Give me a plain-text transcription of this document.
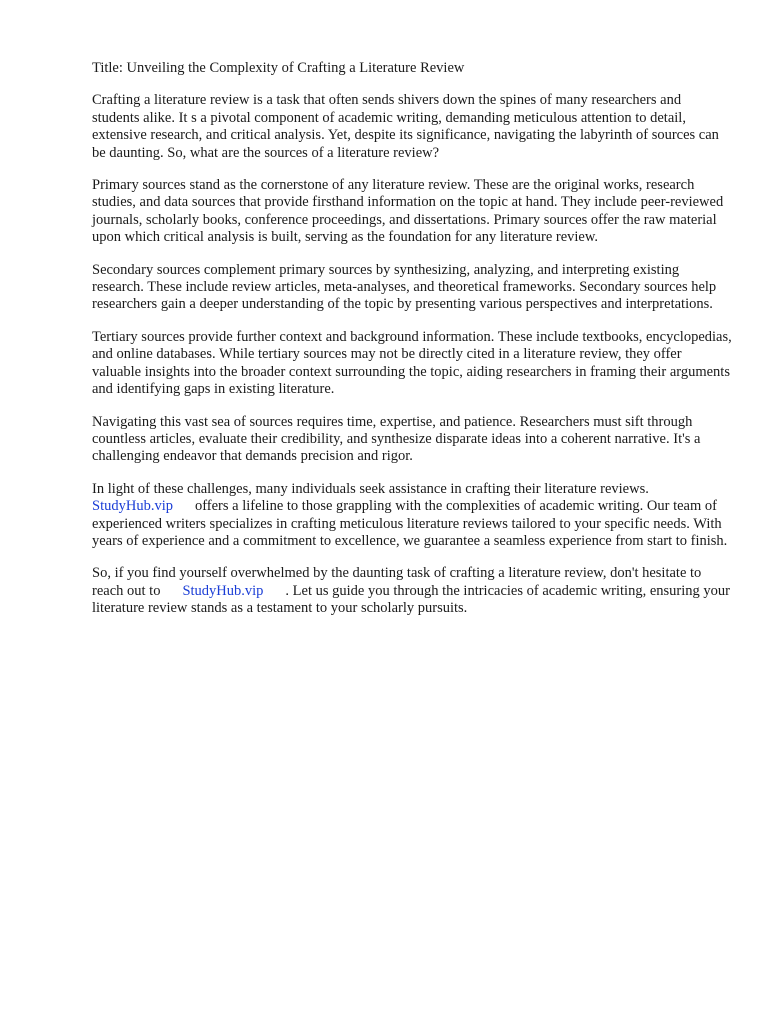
Title: Unveiling the Complexity of Crafting a Literature Review

Crafting a literature review is a task that often sends shivers down the spines of many researchers and students alike. It s a pivotal component of academic writing, demanding meticulous attention to detail, extensive research, and critical analysis. Yet, despite its significance, navigating the labyrinth of sources can be daunting. So, what are the sources of a literature review?

Primary sources stand as the cornerstone of any literature review. These are the original works, research studies, and data sources that provide firsthand information on the topic at hand. They include peer-reviewed journals, scholarly books, conference proceedings, and dissertations. Primary sources offer the raw material upon which critical analysis is built, serving as the foundation for any literature review.

Secondary sources complement primary sources by synthesizing, analyzing, and interpreting existing research. These include review articles, meta-analyses, and theoretical frameworks. Secondary sources help researchers gain a deeper understanding of the topic by presenting various perspectives and interpretations.

Tertiary sources provide further context and background information. These include textbooks, encyclopedias, and online databases. While tertiary sources may not be directly cited in a literature review, they offer valuable insights into the broader context surrounding the topic, aiding researchers in framing their arguments and identifying gaps in existing literature.

Navigating this vast sea of sources requires time, expertise, and patience. Researchers must sift through countless articles, evaluate their credibility, and synthesize disparate ideas into a coherent narrative. It's a challenging endeavor that demands precision and rigor.

In light of these challenges, many individuals seek assistance in crafting their literature reviews. StudyHub.vip offers a lifeline to those grappling with the complexities of academic writing. Our team of experienced writers specializes in crafting meticulous literature reviews tailored to your specific needs. With years of experience and a commitment to excellence, we guarantee a seamless experience from start to finish.

So, if you find yourself overwhelmed by the daunting task of crafting a literature review, don't hesitate to reach out to StudyHub.vip . Let us guide you through the intricacies of academic writing, ensuring your literature review stands as a testament to your scholarly pursuits.
